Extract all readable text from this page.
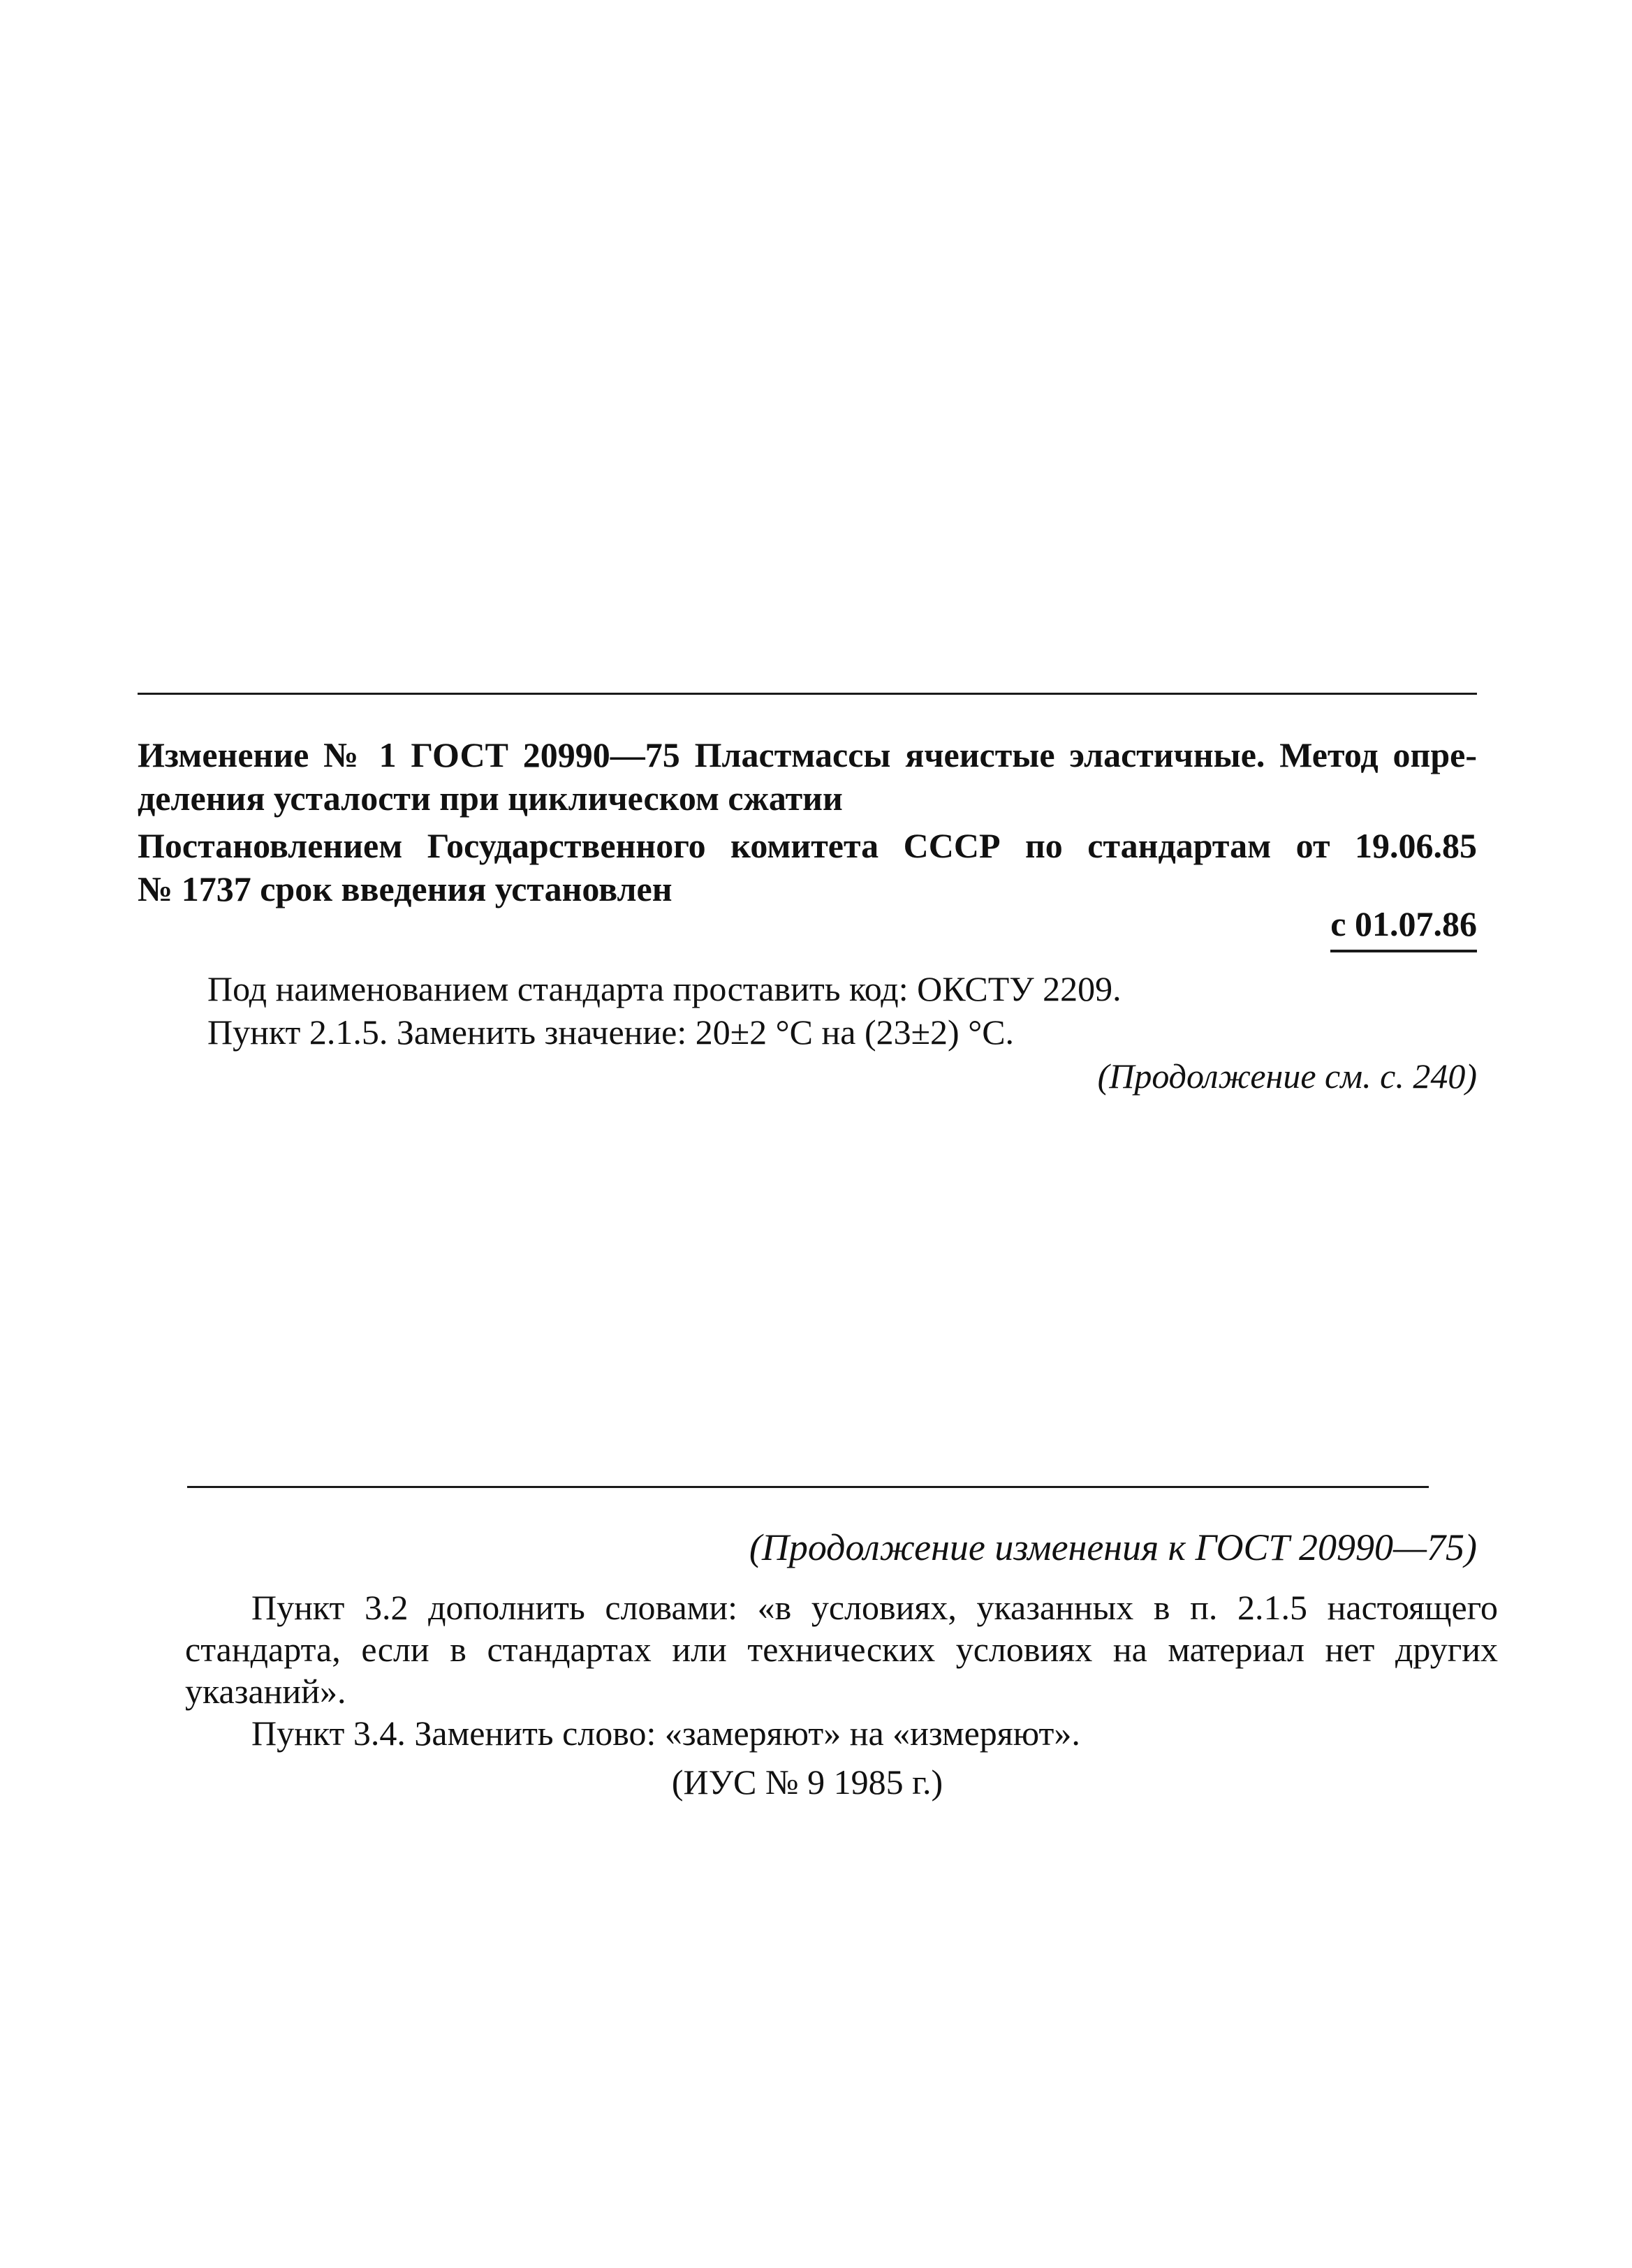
Изменение № 1 ГОСТ 20990—75 Пластмассы ячеистые эластичные. Метод опре-
деления усталости при циклическом сжатии
Постановлением Государственного комитета СССР по стандартам от 19.06.85
№ 1737 срок введения установлен
с 01.07.86
Под наименованием стандарта проставить код: ОКСТУ 2209.
Пункт 2.1.5. Заменить значение: 20±2 °С на (23±2) °С.
(Продолжение см. с. 240)
(Продолжение изменения к ГОСТ 20990—75)
Пункт 3.2 дополнить словами: «в условиях, указанных в п. 2.1.5 настоящего
стандарта, если в стандартах или технических условиях на материал нет других
указаний».
Пункт 3.4. Заменить слово: «замеряют» на «измеряют».
(ИУС № 9 1985 г.)
